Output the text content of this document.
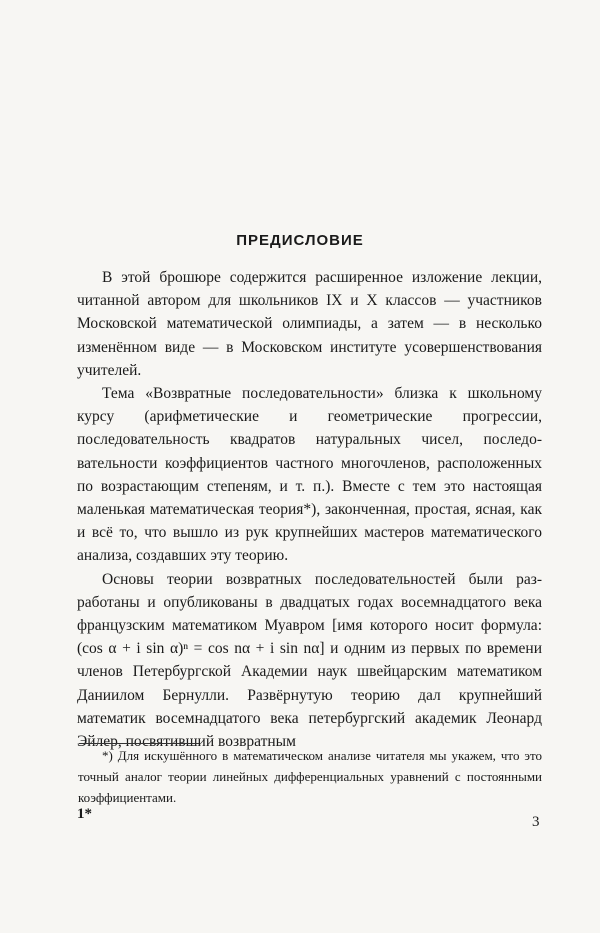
ПРЕДИСЛОВИЕ

В этой брошюре содержится расширенное изложение лекции, читанной автором для школьников IX и X классов — участников Московской математической олимпиады, а затем — в несколько изменённом виде — в Московском институте усовершенствования учителей.

Тема «Возвратные последовательности» близка к школьному курсу (арифметические и геометрические прогрессии, последовательность квадратов натуральных чисел, последовательности коэффициентов частного многочленов, расположенных по возрастающим степеням, и т. п.). Вместе с тем это настоящая маленькая математическая теория*), законченная, простая, ясная, как и всё то, что вышло из рук крупнейших мастеров математического анализа, создавших эту теорию.

Основы теории возвратных последовательностей были разработаны и опубликованы в двадцатых годах восемнадцатого века французским математиком Муавром [имя которого носит формула: (cos α + i sin α)ⁿ = cos nα + i sin nα] и одним из первых по времени членов Петербургской Академии наук швейцарским математиком Даниилом Бернулли. Развёрнутую теорию дал крупнейший математик восемнадцатого века петербургский академик Леонард Эйлер, посвятивший возвратным

*) Для искушённого в математическом анализе читателя мы укажем, что это точный аналог теории линейных дифференциальных уравнений с постоянными коэффициентами.

1*	3
